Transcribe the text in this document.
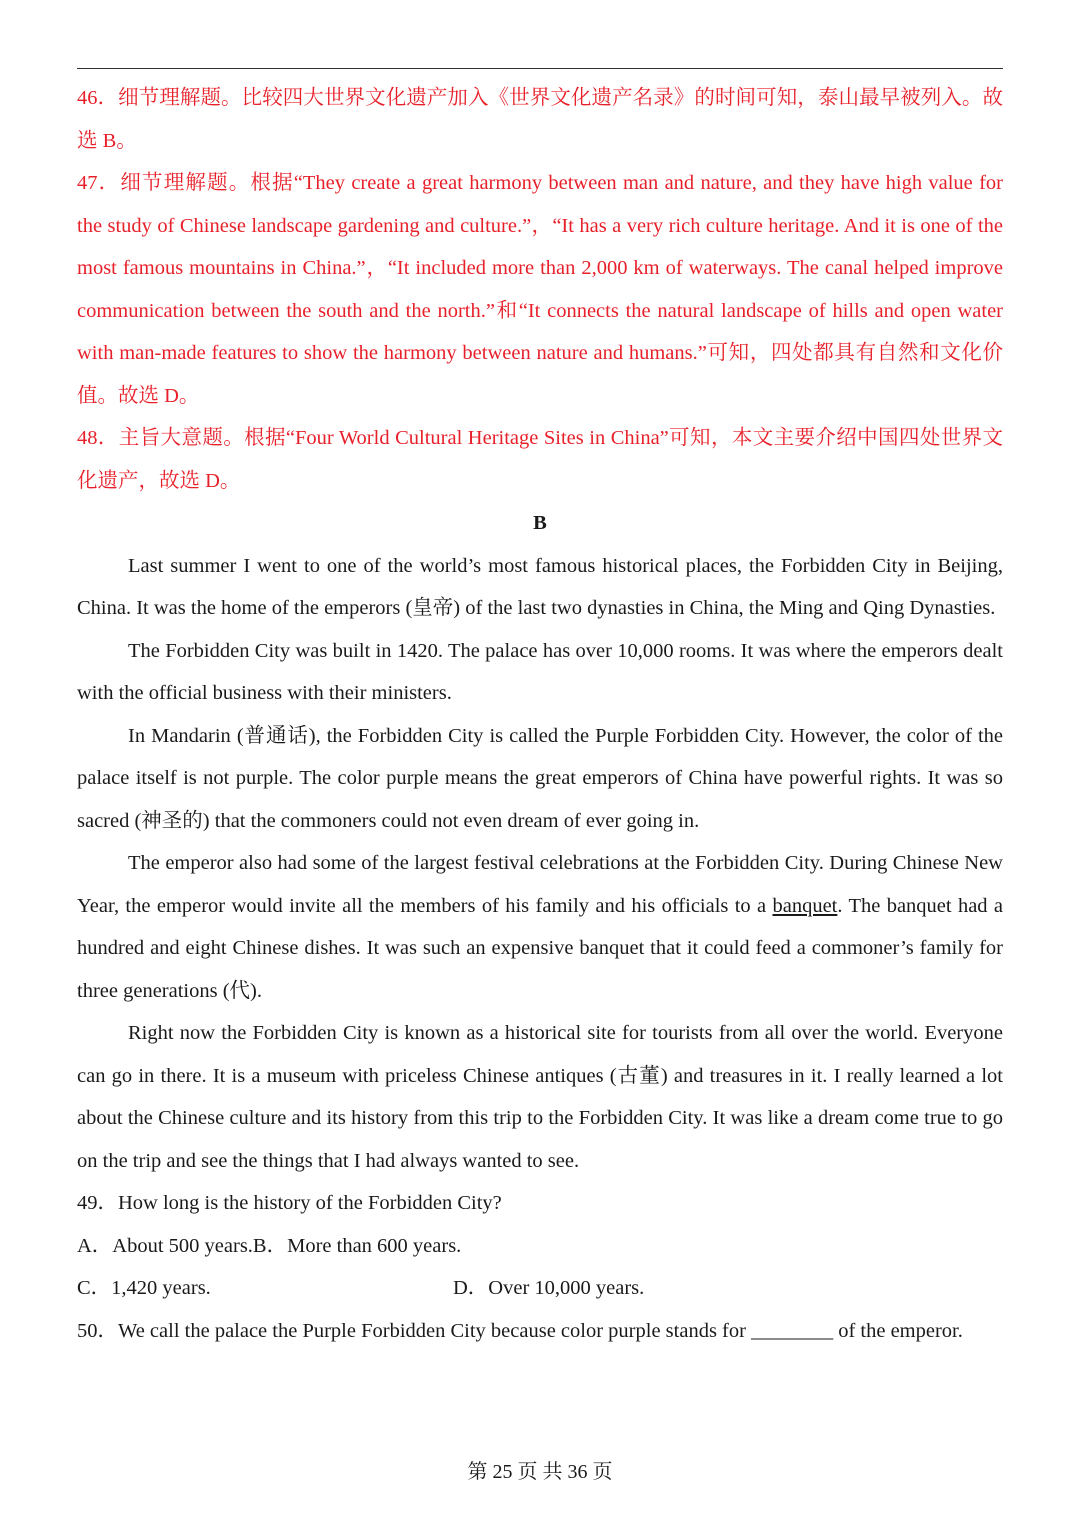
46．细节理解题。比较四大世界文化遗产加入《世界文化遗产名录》的时间可知，泰山最早被列入。故选 B。

47．细节理解题。根据“They create a great harmony between man and nature, and they have high value for the study of Chinese landscape gardening and culture.”，“It has a very rich culture heritage. And it is one of the most famous mountains in China.”，“It included more than 2,000 km of waterways. The canal helped improve communication between the south and the north.”和“It connects the natural landscape of hills and open water with man-made features to show the harmony between nature and humans.”可知，四处都具有自然和文化价值。故选 D。

48．主旨大意题。根据“Four World Cultural Heritage Sites in China”可知，本文主要介绍中国四处世界文化遗产，故选 D。

B

Last summer I went to one of the world’s most famous historical places, the Forbidden City in Beijing, China. It was the home of the emperors (皇帝) of the last two dynasties in China, the Ming and Qing Dynasties.

The Forbidden City was built in 1420. The palace has over 10,000 rooms. It was where the emperors dealt with the official business with their ministers.

In Mandarin (普通话), the Forbidden City is called the Purple Forbidden City. However, the color of the palace itself is not purple. The color purple means the great emperors of China have powerful rights. It was so sacred (神圣的) that the commoners could not even dream of ever going in.

The emperor also had some of the largest festival celebrations at the Forbidden City. During Chinese New Year, the emperor would invite all the members of his family and his officials to a banquet. The banquet had a hundred and eight Chinese dishes. It was such an expensive banquet that it could feed a commoner’s family for three generations (代).

Right now the Forbidden City is known as a historical site for tourists from all over the world. Everyone can go in there. It is a museum with priceless Chinese antiques (古董) and treasures in it. I really learned a lot about the Chinese culture and its history from this trip to the Forbidden City. It was like a dream come true to go on the trip and see the things that I had always wanted to see.

49．How long is the history of the Forbidden City?

A．About 500 years.B．More than 600 years.

C．1,420 years.	D．Over 10,000 years.

50．We call the palace the Purple Forbidden City because color purple stands for ________ of the emperor.

第 25 页 共 36 页
